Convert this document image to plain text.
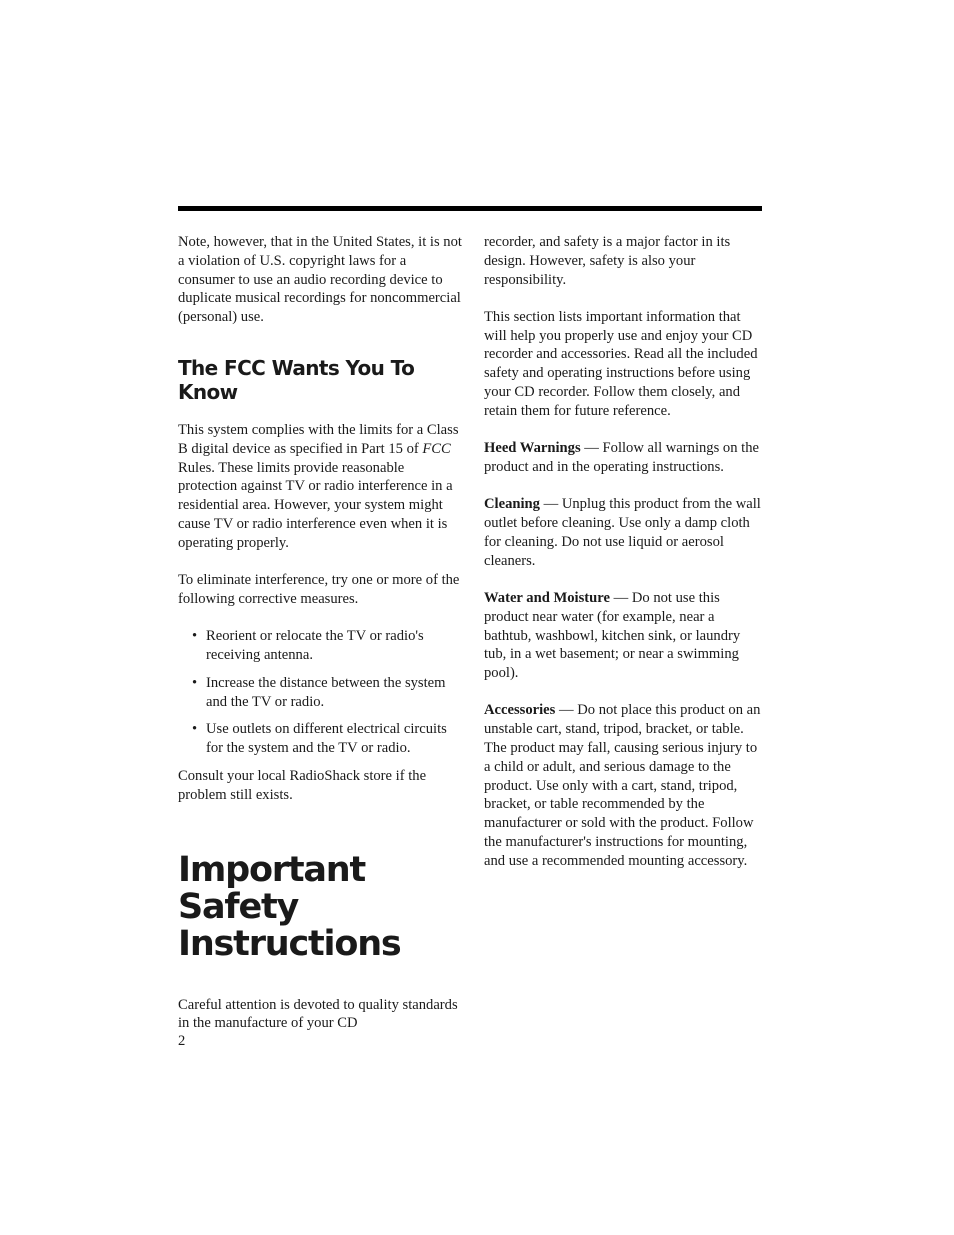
Note, however, that in the United States, it is not a violation of U.S. copyright laws for a consumer to use an audio recording device to duplicate musical recordings for noncommercial (personal) use.

The FCC Wants You To Know

This system complies with the limits for a Class B digital device as specified in Part 15 of FCC Rules. These limits provide reasonable protection against TV or radio interference in a residential area. However, your system might cause TV or radio interference even when it is operating properly.

To eliminate interference, try one or more of the following corrective measures.

• Reorient or relocate the TV or radio's receiving antenna.
• Increase the distance between the system and the TV or radio.
• Use outlets on different electrical circuits for the system and the TV or radio.

Consult your local RadioShack store if the problem still exists.

Important Safety Instructions

Careful attention is devoted to quality standards in the manufacture of your CD

recorder, and safety is a major factor in its design. However, safety is also your responsibility.

This section lists important information that will help you properly use and enjoy your CD recorder and accessories. Read all the included safety and operating instructions before using your CD recorder. Follow them closely, and retain them for future reference.

Heed Warnings — Follow all warnings on the product and in the operating instructions.

Cleaning — Unplug this product from the wall outlet before cleaning. Use only a damp cloth for cleaning. Do not use liquid or aerosol cleaners.

Water and Moisture — Do not use this product near water (for example, near a bathtub, washbowl, kitchen sink, or laundry tub, in a wet basement; or near a swimming pool).

Accessories — Do not place this product on an unstable cart, stand, tripod, bracket, or table. The product may fall, causing serious injury to a child or adult, and serious damage to the product. Use only with a cart, stand, tripod, bracket, or table recommended by the manufacturer or sold with the product. Follow the manufacturer's instructions for mounting, and use a recommended mounting accessory.

2
